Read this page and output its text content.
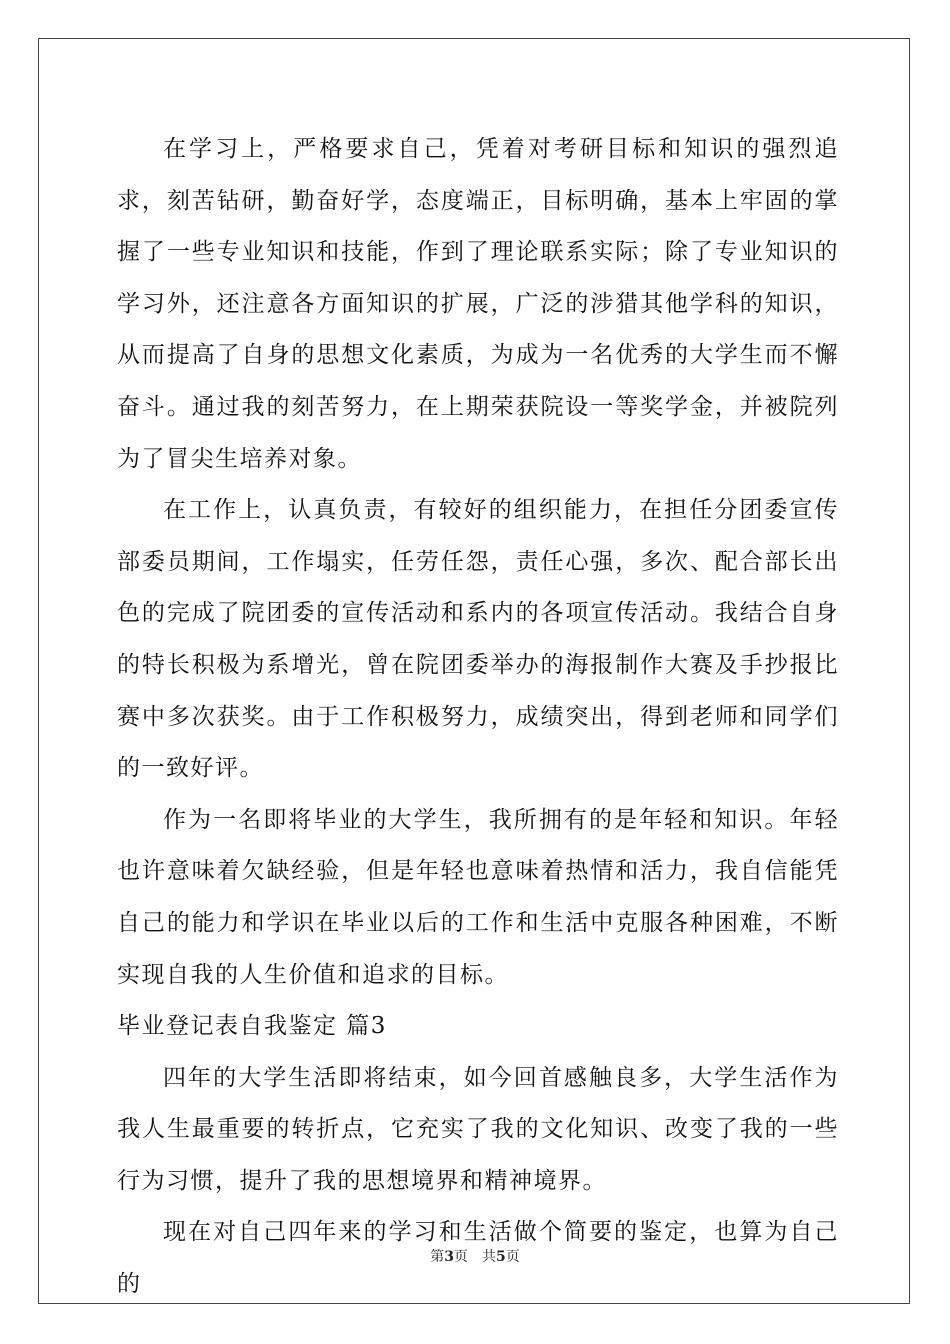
在学习上，严格要求自己，凭着对考研目标和知识的强烈追求，刻苦钻研，勤奋好学，态度端正，目标明确，基本上牢固的掌握了一些专业知识和技能，作到了理论联系实际；除了专业知识的学习外，还注意各方面知识的扩展，广泛的涉猎其他学科的知识，从而提高了自身的思想文化素质，为成为一名优秀的大学生而不懈奋斗。通过我的刻苦努力，在上期荣获院设一等奖学金，并被院列为了冒尖生培养对象。

在工作上，认真负责，有较好的组织能力，在担任分团委宣传部委员期间，工作塌实，任劳任怨，责任心强，多次、配合部长出色的完成了院团委的宣传活动和系内的各项宣传活动。我结合自身的特长积极为系增光，曾在院团委举办的海报制作大赛及手抄报比赛中多次获奖。由于工作积极努力，成绩突出，得到老师和同学们的一致好评。

作为一名即将毕业的大学生，我所拥有的是年轻和知识。年轻也许意味着欠缺经验，但是年轻也意味着热情和活力，我自信能凭自己的能力和学识在毕业以后的工作和生活中克服各种困难，不断实现自我的人生价值和追求的目标。

毕业登记表自我鉴定 篇3

四年的大学生活即将结束，如今回首感触良多，大学生活作为我人生最重要的转折点，它充实了我的文化知识、改变了我的一些行为习惯，提升了我的思想境界和精神境界。

现在对自己四年来的学习和生活做个简要的鉴定，也算为自己的

第3页 共5页
